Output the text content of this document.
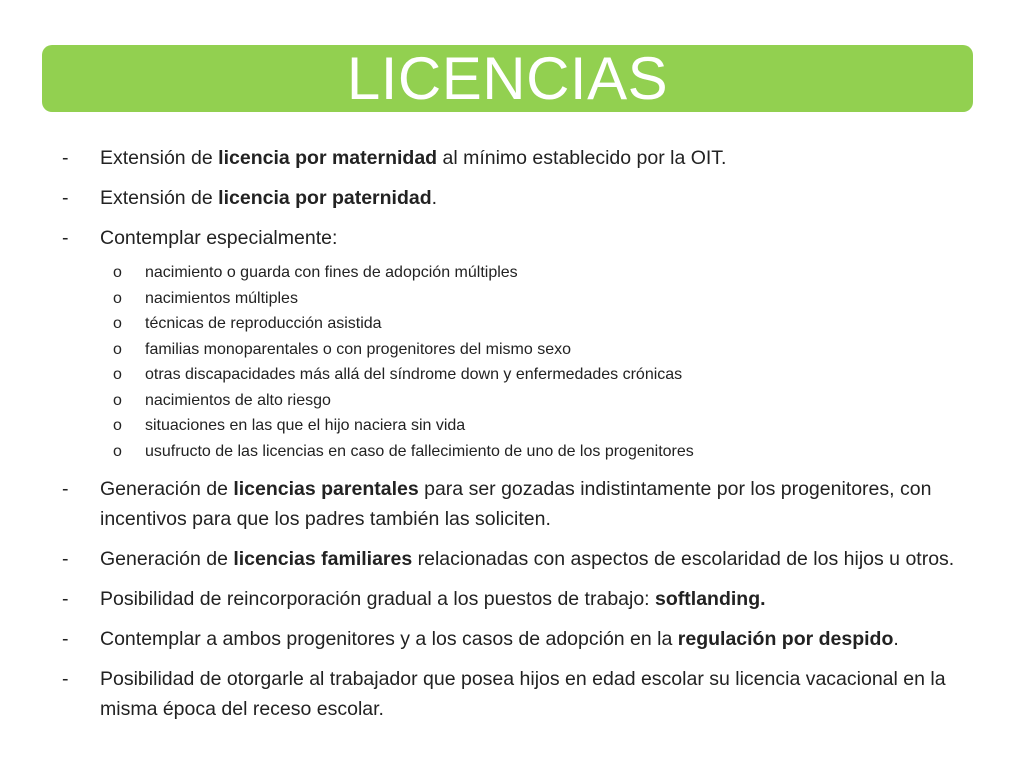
LICENCIAS
-	Extensión de licencia por maternidad al mínimo establecido por la OIT.
-	Extensión de licencia por paternidad.
-	Contemplar especialmente:
o	nacimiento o guarda con fines de adopción múltiples
o	nacimientos múltiples
o	técnicas de reproducción asistida
o	familias monoparentales o con progenitores del mismo sexo
o	otras discapacidades más allá del síndrome down y enfermedades crónicas
o	nacimientos de alto riesgo
o	situaciones en las que el hijo naciera sin vida
o	usufructo de las licencias en caso de fallecimiento de uno de los progenitores
-	Generación de licencias parentales para ser gozadas indistintamente por los progenitores, con incentivos para que los padres también las soliciten.
-	Generación de licencias familiares relacionadas con aspectos de escolaridad de los hijos u otros.
-	Posibilidad de reincorporación gradual a los puestos de trabajo: softlanding.
-	Contemplar a ambos progenitores y a los casos de adopción en la regulación por despido.
-	Posibilidad de otorgarle al trabajador que posea hijos en edad escolar su licencia vacacional en la misma época del receso escolar.
